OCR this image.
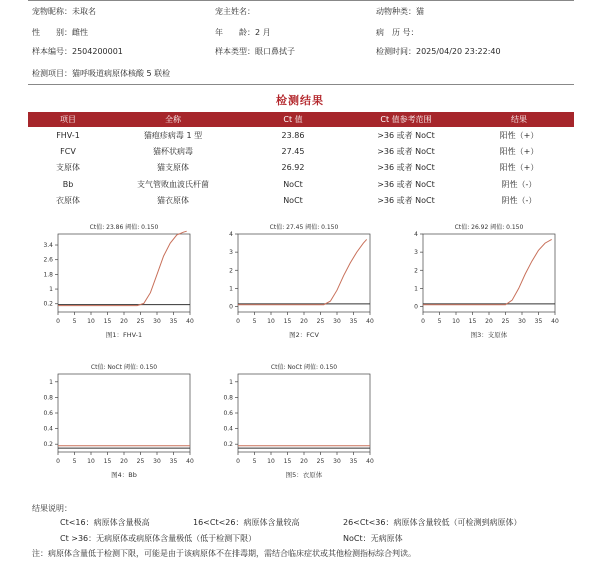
宠物昵称：未取名	宠主姓名：	动物种类：猫
性　　别：雌性	年　　龄：2 月	病　历 号：
样本编号：2504200001	样本类型：眼口鼻拭子	检测时间：2025/04/20 23:22:40
检测项目：猫呼吸道病原体核酸 5 联检
检测结果
项目	全称	Ct 值	Ct 值参考范围	结果
FHV-1	猫疱疹病毒 1 型	23.86	>36 或者 NoCt	阳性（+）
FCV	猫杯状病毒	27.45	>36 或者 NoCt	阳性（+）
支原体	猫支原体	26.92	>36 或者 NoCt	阳性（+）
Bb	支气管败血波氏杆菌	NoCt	>36 或者 NoCt	阴性（-）
衣原体	猫衣原体	NoCt	>36 或者 NoCt	阴性（-）
Ct值: 23.86 阈值: 0.150
0.2
1
1.8
2.6
3.4
0 5 10 15 20 25 30 35 40
图1：FHV-1
Ct值: 27.45 阈值: 0.150
0
1
2
3
4
0 5 10 15 20 25 30 35 40
图2：FCV
Ct值: 26.92 阈值: 0.150
0
1
2
3
4
0 5 10 15 20 25 30 35 40
图3：支原体
Ct值: NoCt 阈值: 0.150
0.2
0.4
0.6
0.8
1
0 5 10 15 20 25 30 35 40
图4：Bb
Ct值: NoCt 阈值: 0.150
0.2
0.4
0.6
0.8
1
0 5 10 15 20 25 30 35 40
图5：衣原体
结果说明：
Ct<16：病原体含量极高	16<Ct<26：病原体含量较高	26<Ct<36：病原体含量较低（可检测到病原体）
Ct >36：无病原体或病原体含量极低（低于检测下限）	NoCt：无病原体
注：病原体含量低于检测下限，可能是由于该病原体不在排毒期，需结合临床症状或其他检测指标综合判读。
